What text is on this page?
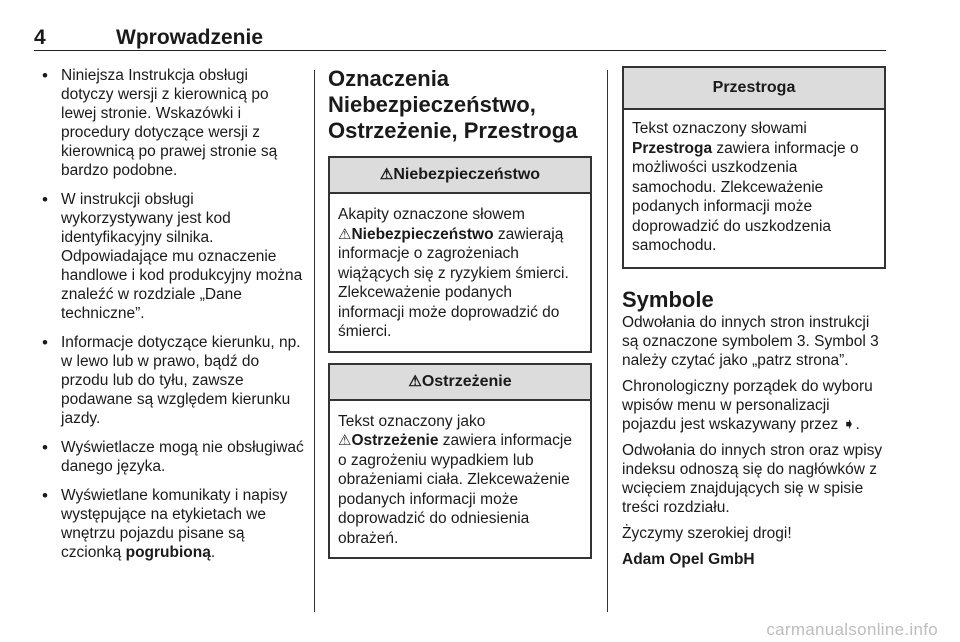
4	Wprowadzenie
• Niniejsza Instrukcja obsługi dotyczy wersji z kierownicą po lewej stronie. Wskazówki i procedury dotyczące wersji z kierownicą po prawej stronie są bardzo podobne.
• W instrukcji obsługi wykorzystywany jest kod identyfikacyjny silnika. Odpowiadające mu oznaczenie handlowe i kod produkcyjny można znaleźć w rozdziale „Dane techniczne”.
• Informacje dotyczące kierunku, np. w lewo lub w prawo, bądź do przodu lub do tyłu, zawsze podawane są względem kierunku jazdy.
• Wyświetlacze mogą nie obsługiwać danego języka.
• Wyświetlane komunikaty i napisy występujące na etykietach we wnętrzu pojazdu pisane są czcionką pogrubioną.
Oznaczenia Niebezpieczeństwo, Ostrzeżenie, Przestroga
⚠Niebezpieczeństwo
Akapity oznaczone słowem
⚠Niebezpieczeństwo zawierają informacje o zagrożeniach wiążących się z ryzykiem śmierci. Zlekceważenie podanych informacji może doprowadzić do śmierci.
⚠Ostrzeżenie
Tekst oznaczony jako
⚠Ostrzeżenie zawiera informacje o zagrożeniu wypadkiem lub obrażeniami ciała. Zlekceważenie podanych informacji może doprowadzić do odniesienia obrażeń.
Przestroga
Tekst oznaczony słowami
Przestroga zawiera informacje o możliwości uszkodzenia samochodu. Zlekceważenie podanych informacji może doprowadzić do uszkodzenia samochodu.
Symbole

Odwołania do innych stron instrukcji są oznaczone symbolem 3. Symbol 3 należy czytać jako „patrz strona”.

Chronologiczny porządek do wyboru wpisów menu w personalizacji pojazdu jest wskazywany przez ➧.

Odwołania do innych stron oraz wpisy indeksu odnoszą się do nagłówków z wcięciem znajdujących się w spisie treści rozdziału.

Życzymy szerokiej drogi!

Adam Opel GmbH

carmanualsonline.info
